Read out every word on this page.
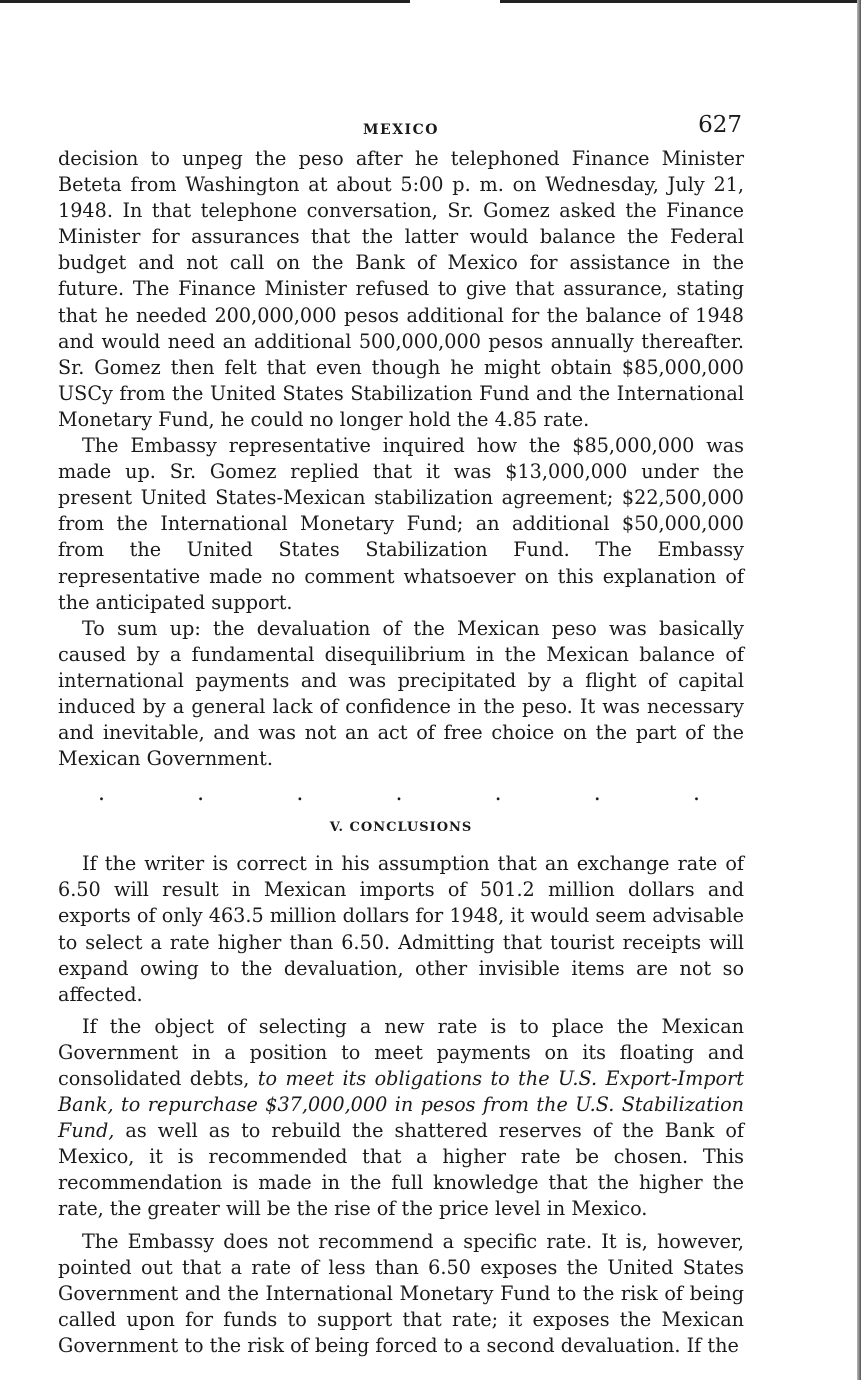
MEXICO	627

decision to unpeg the peso after he telephoned Finance Minister Beteta from Washington at about 5:00 p. m. on Wednesday, July 21, 1948. In that telephone conversation, Sr. Gomez asked the Finance Minister for assurances that the latter would balance the Federal budget and not call on the Bank of Mexico for assistance in the future. The Finance Minister refused to give that assurance, stating that he needed 200,000,000 pesos additional for the balance of 1948 and would need an additional 500,000,000 pesos annually thereafter. Sr. Gomez then felt that even though he might obtain $85,000,000 USCy from the United States Stabilization Fund and the International Monetary Fund, he could no longer hold the 4.85 rate.

The Embassy representative inquired how the $85,000,000 was made up. Sr. Gomez replied that it was $13,000,000 under the present United States-Mexican stabilization agreement; $22,500,000 from the International Monetary Fund; an additional $50,000,000 from the United States Stabilization Fund. The Embassy representative made no comment whatsoever on this explanation of the anticipated support.

To sum up: the devaluation of the Mexican peso was basically caused by a fundamental disequilibrium in the Mexican balance of international payments and was precipitated by a flight of capital induced by a general lack of confidence in the peso. It was necessary and inevitable, and was not an act of free choice on the part of the Mexican Government.

.	.	.	.	.	.	.
V. CONCLUSIONS

If the writer is correct in his assumption that an exchange rate of 6.50 will result in Mexican imports of 501.2 million dollars and exports of only 463.5 million dollars for 1948, it would seem advisable to select a rate higher than 6.50. Admitting that tourist receipts will expand owing to the devaluation, other invisible items are not so affected.

If the object of selecting a new rate is to place the Mexican Government in a position to meet payments on its floating and consolidated debts, to meet its obligations to the U.S. Export-Import Bank, to repurchase $37,000,000 in pesos from the U.S. Stabilization Fund, as well as to rebuild the shattered reserves of the Bank of Mexico, it is recommended that a higher rate be chosen. This recommendation is made in the full knowledge that the higher the rate, the greater will be the rise of the price level in Mexico.

The Embassy does not recommend a specific rate. It is, however, pointed out that a rate of less than 6.50 exposes the United States Government and the International Monetary Fund to the risk of being called upon for funds to support that rate; it exposes the Mexican Government to the risk of being forced to a second devaluation. If the
